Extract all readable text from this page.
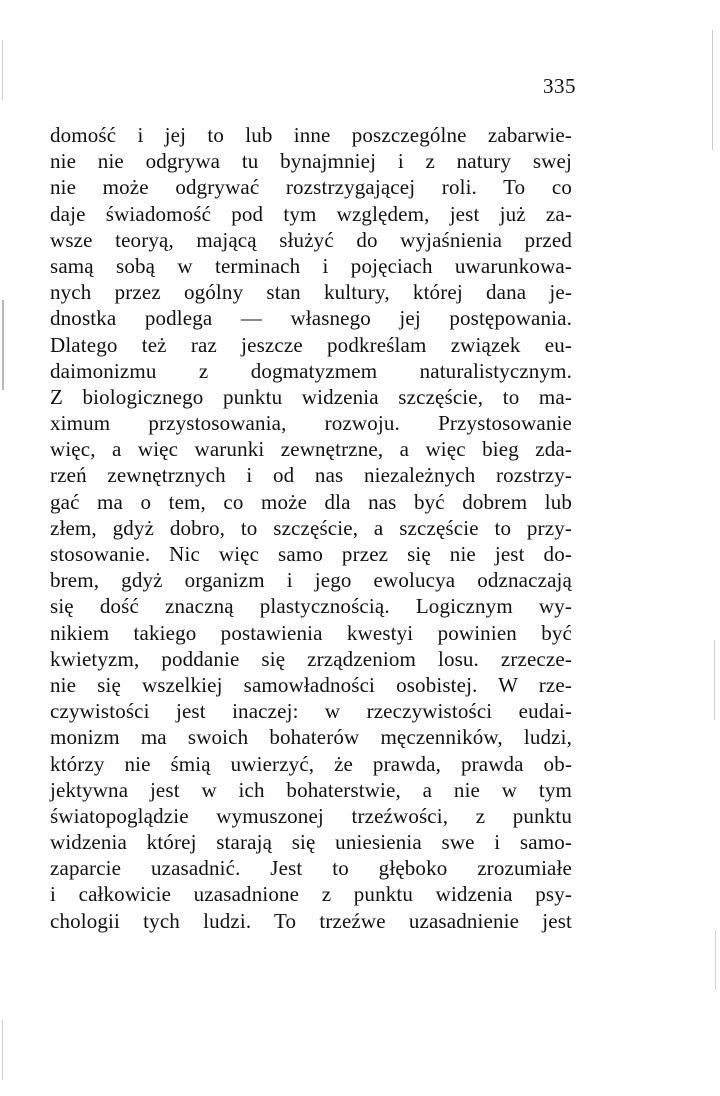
335
domość i jej to lub inne poszczególne zabarwie-
nie nie odgrywa tu bynajmniej i z natury swej
nie może odgrywać rozstrzygającej roli. To co
daje świadomość pod tym względem, jest już za-
wsze teoryą, mającą służyć do wyjaśnienia przed
samą sobą w terminach i pojęciach uwarunkowa-
nych przez ogólny stan kultury, której dana je-
dnostka podlega — własnego jej postępowania.
Dlatego też raz jeszcze podkreślam związek eu-
daimonizmu z dogmatyzmem naturalistycznym.
Z biologicznego punktu widzenia szczęście, to ma-
ximum przystosowania, rozwoju. Przystosowanie
więc, a więc warunki zewnętrzne, a więc bieg zda-
rzeń zewnętrznych i od nas niezależnych rozstrzy-
gać ma o tem, co może dla nas być dobrem lub
złem, gdyż dobro, to szczęście, a szczęście to przy-
stosowanie. Nic więc samo przez się nie jest do-
brem, gdyż organizm i jego ewolucya odznaczają
się dość znaczną plastycznością. Logicznym wy-
nikiem takiego postawienia kwestyi powinien być
kwietyzm, poddanie się zrządzeniom losu. zrzecze-
nie się wszelkiej samowładności osobistej. W rze-
czywistości jest inaczej: w rzeczywistości eudai-
monizm ma swoich bohaterów męczenników, ludzi,
którzy nie śmią uwierzyć, że prawda, prawda ob-
jektywna jest w ich bohaterstwie, a nie w tym
światopoglądzie wymuszonej trzeźwości, z punktu
widzenia której starają się uniesienia swe i samo-
zaparcie uzasadnić. Jest to głęboko zrozumiałe
i całkowicie uzasadnione z punktu widzenia psy-
chologii tych ludzi. To trzeźwe uzasadnienie jest
